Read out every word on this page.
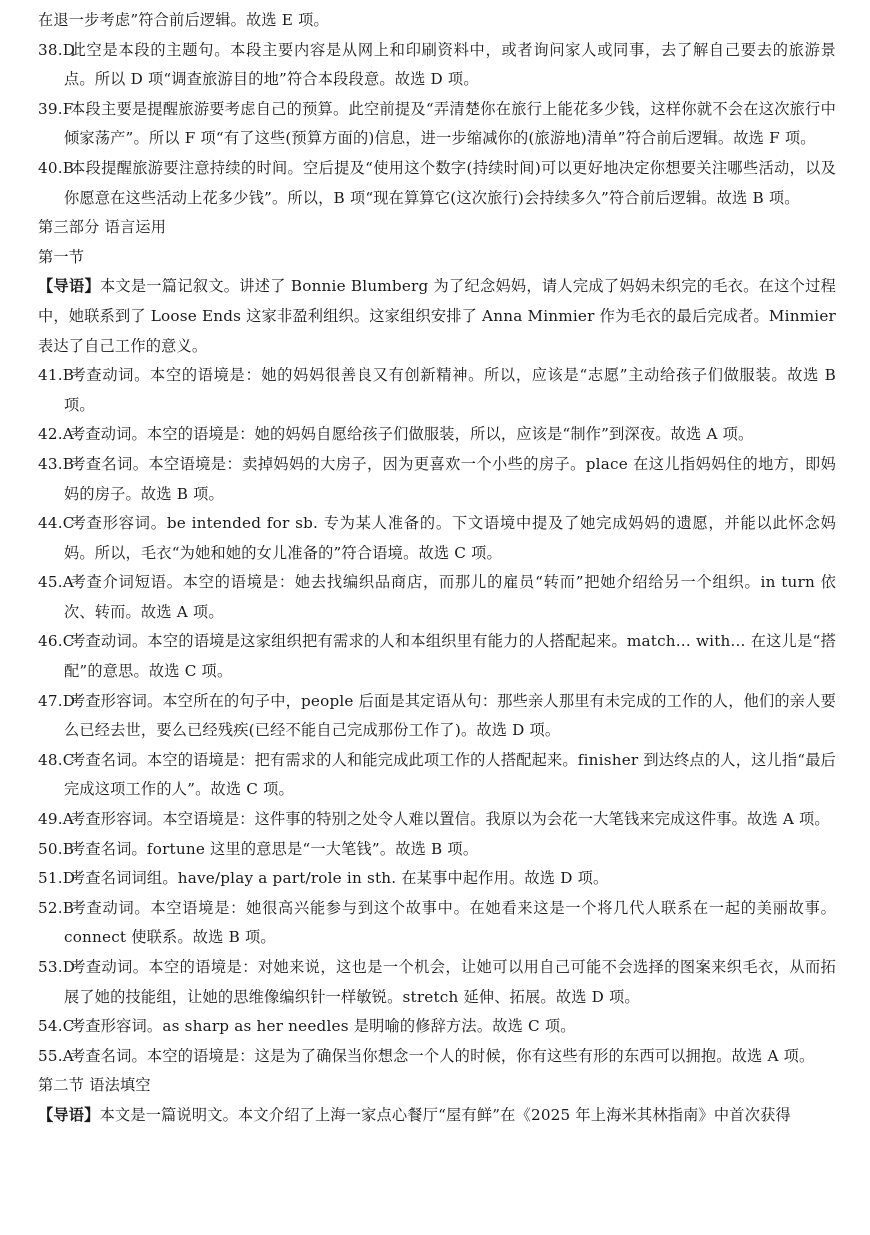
在退一步考虑”符合前后逻辑。故选 E 项。

38.D此空是本段的主题句。本段主要内容是从网上和印刷资料中，或者询问家人或同事，去了解自己要去的旅游景点。所以 D 项“调查旅游目的地”符合本段段意。故选 D 项。

39.F本段主要是提醒旅游要考虑自己的预算。此空前提及“弄清楚你在旅行上能花多少钱，这样你就不会在这次旅行中倾家荡产”。所以 F 项“有了这些(预算方面的)信息，进一步缩减你的(旅游地)清单”符合前后逻辑。故选 F 项。

40.B本段提醒旅游要注意持续的时间。空后提及“使用这个数字(持续时间)可以更好地决定你想要关注哪些活动，以及你愿意在这些活动上花多少钱”。所以，B 项“现在算算它(这次旅行)会持续多久”符合前后逻辑。故选 B 项。

第三部分 语言运用

第一节

【导语】本文是一篇记叙文。讲述了 Bonnie Blumberg 为了纪念妈妈，请人完成了妈妈未织完的毛衣。在这个过程中，她联系到了 Loose Ends 这家非盈利组织。这家组织安排了 Anna Minmier 作为毛衣的最后完成者。Minmier 表达了自己工作的意义。

41.B考查动词。本空的语境是：她的妈妈很善良又有创新精神。所以，应该是“志愿”主动给孩子们做服装。故选 B 项。

42.A考查动词。本空的语境是：她的妈妈自愿给孩子们做服装，所以，应该是“制作”到深夜。故选 A 项。

43.B考查名词。本空语境是：卖掉妈妈的大房子，因为更喜欢一个小些的房子。place 在这儿指妈妈住的地方，即妈妈的房子。故选 B 项。

44.C考查形容词。be intended for sb. 专为某人准备的。下文语境中提及了她完成妈妈的遗愿，并能以此怀念妈妈。所以，毛衣“为她和她的女儿准备的”符合语境。故选 C 项。

45.A考查介词短语。本空的语境是：她去找编织品商店，而那儿的雇员“转而”把她介绍给另一个组织。in turn 依次、转而。故选 A 项。

46.C考查动词。本空的语境是这家组织把有需求的人和本组织里有能力的人搭配起来。match... with... 在这儿是“搭配”的意思。故选 C 项。

47.D考查形容词。本空所在的句子中，people 后面是其定语从句：那些亲人那里有未完成的工作的人，他们的亲人要么已经去世，要么已经残疾(已经不能自己完成那份工作了)。故选 D 项。

48.C考查名词。本空的语境是：把有需求的人和能完成此项工作的人搭配起来。finisher 到达终点的人，这儿指“最后完成这项工作的人”。故选 C 项。

49.A考查形容词。本空语境是：这件事的特别之处令人难以置信。我原以为会花一大笔钱来完成这件事。故选 A 项。

50.B考查名词。fortune 这里的意思是“一大笔钱”。故选 B 项。

51.D考查名词词组。have/play a part/role in sth. 在某事中起作用。故选 D 项。

52.B考查动词。本空语境是：她很高兴能参与到这个故事中。在她看来这是一个将几代人联系在一起的美丽故事。connect 使联系。故选 B 项。

53.D考查动词。本空的语境是：对她来说，这也是一个机会，让她可以用自己可能不会选择的图案来织毛衣，从而拓展了她的技能组，让她的思维像编织针一样敏锐。stretch 延伸、拓展。故选 D 项。

54.C考查形容词。as sharp as her needles 是明喻的修辞方法。故选 C 项。

55.A考查名词。本空的语境是：这是为了确保当你想念一个人的时候，你有这些有形的东西可以拥抱。故选 A 项。

第二节 语法填空

【导语】本文是一篇说明文。本文介绍了上海一家点心餐厅“屋有鲜”在《2025 年上海米其林指南》中首次获得
